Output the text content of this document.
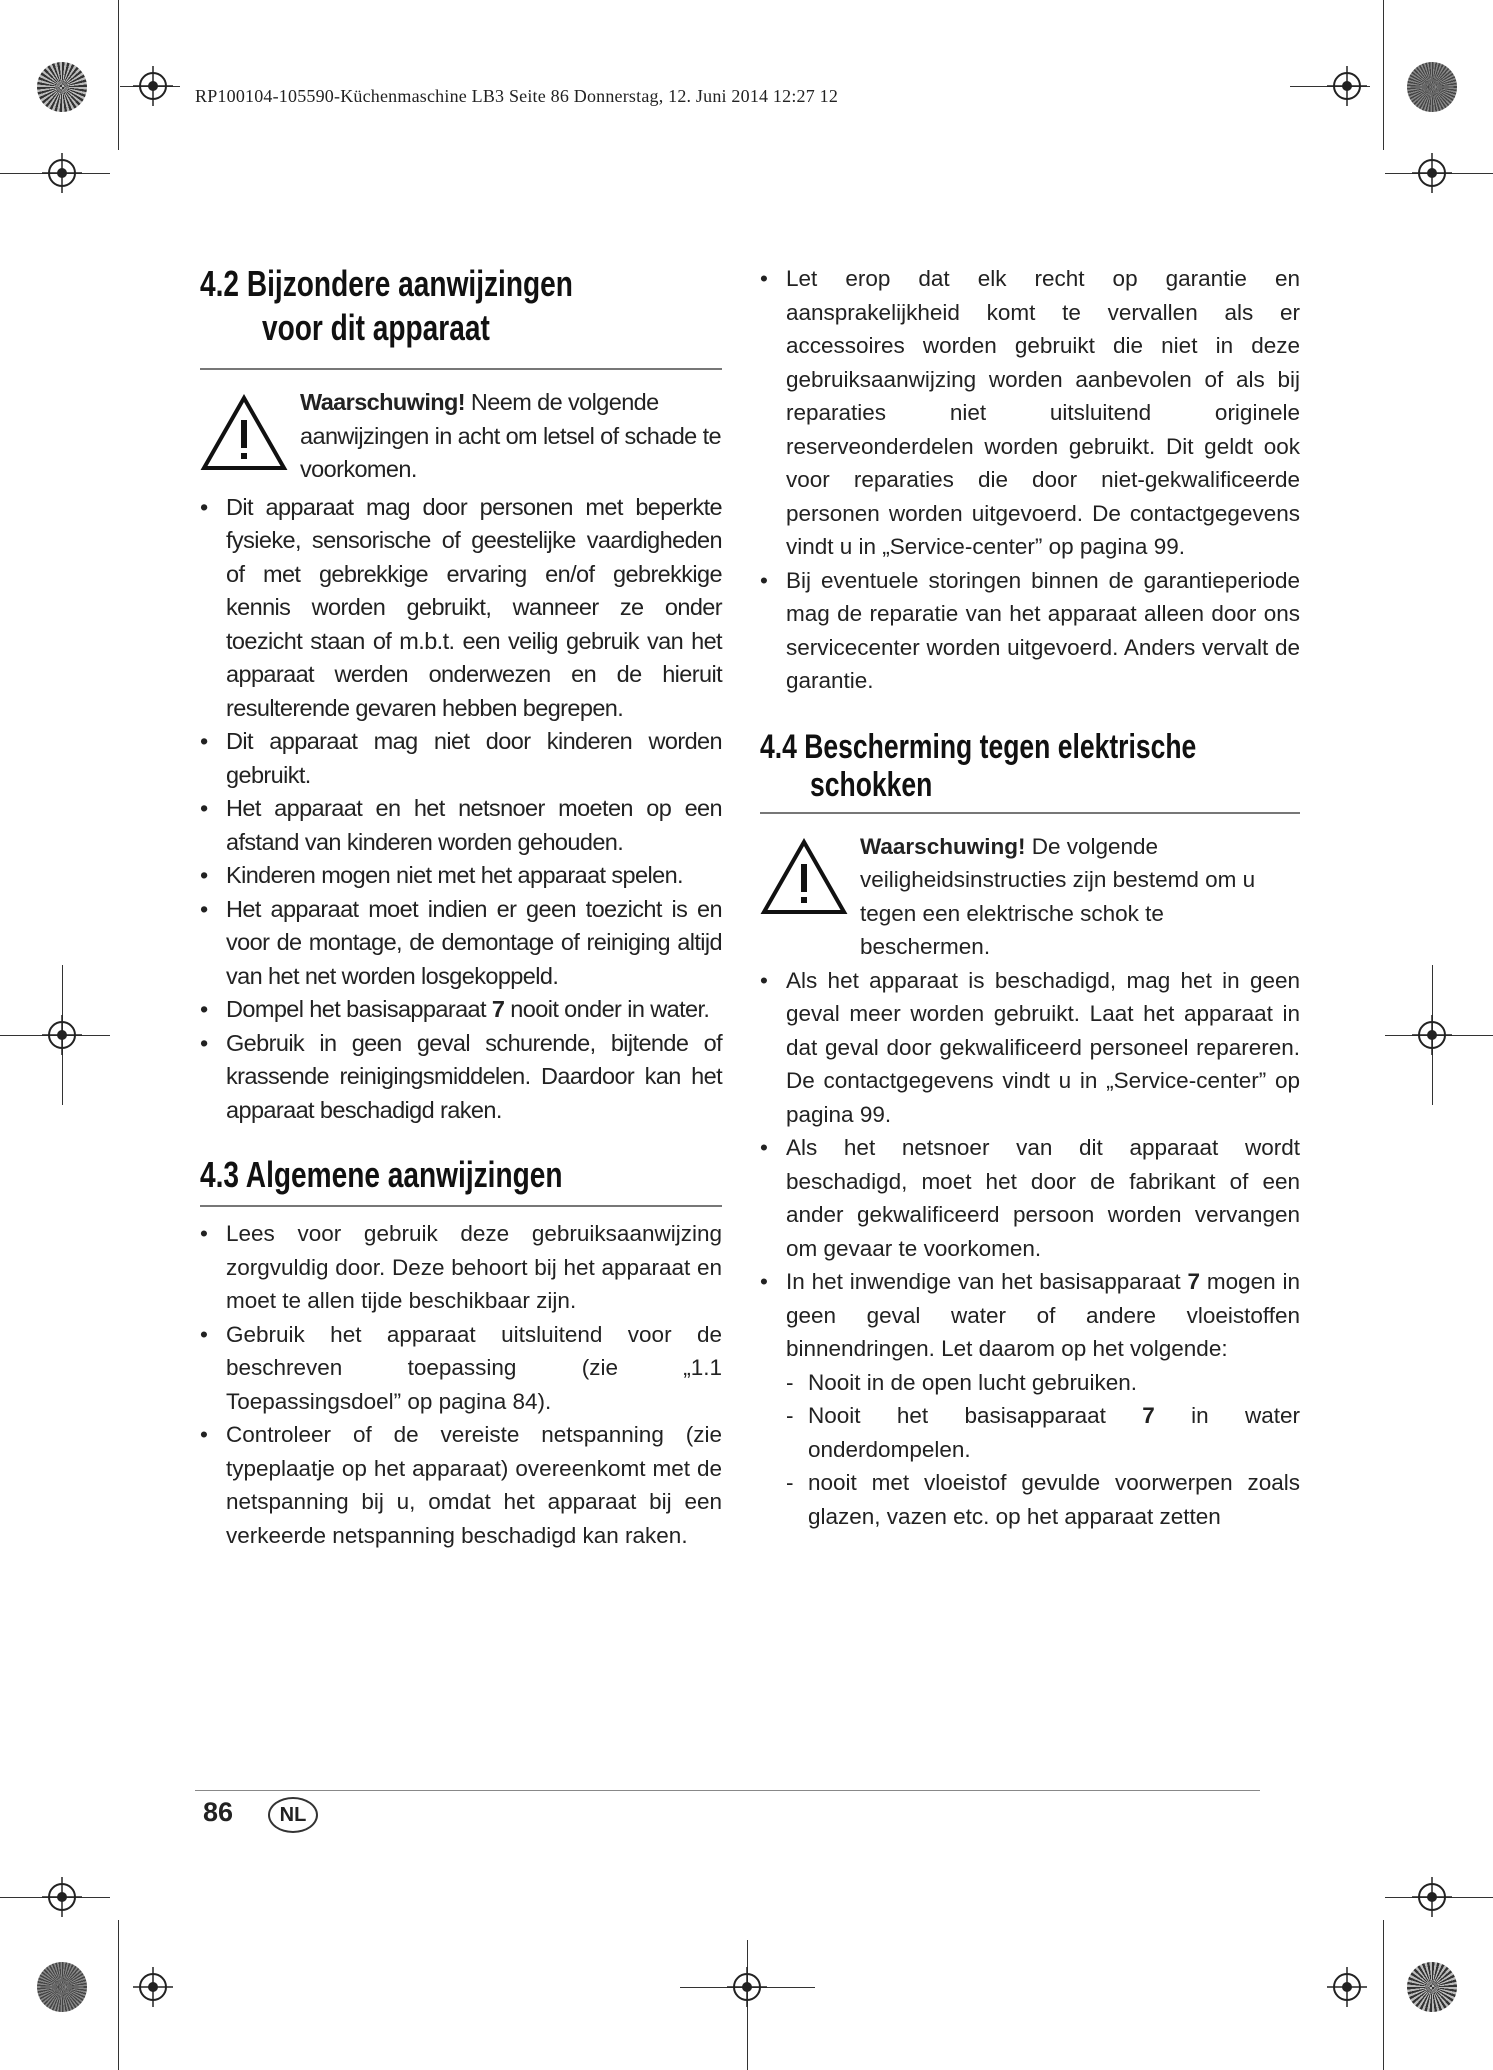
RP100104-105590-Küchenmaschine LB3 Seite 86 Donnerstag, 12. Juni 2014 12:27 12
4.2 Bijzondere aanwijzingen
voor dit apparaat
Waarschuwing! Neem de volgende aanwijzingen in acht om letsel of schade te voorkomen.
• Dit apparaat mag door personen met beperkte fysieke, sensorische of geestelijke vaardigheden of met gebrekkige ervaring en/of gebrekkige kennis worden gebruikt, wanneer ze onder toezicht staan of m.b.t. een veilig gebruik van het apparaat werden onderwezen en de hieruit resulterende gevaren hebben begrepen.
• Dit apparaat mag niet door kinderen worden gebruikt.
• Het apparaat en het netsnoer moeten op een afstand van kinderen worden gehouden.
• Kinderen mogen niet met het apparaat spelen.
• Het apparaat moet indien er geen toezicht is en voor de montage, de demontage of reiniging altijd van het net worden losgekoppeld.
• Dompel het basisapparaat 7 nooit onder in water.
• Gebruik in geen geval schurende, bijtende of krassende reinigingsmiddelen. Daardoor kan het apparaat beschadigd raken.
4.3 Algemene aanwijzingen
• Lees voor gebruik deze gebruiksaanwijzing zorgvuldig door. Deze behoort bij het apparaat en moet te allen tijde beschikbaar zijn.
• Gebruik het apparaat uitsluitend voor de beschreven toepassing (zie „1.1 Toepassingsdoel” op pagina 84).
• Controleer of de vereiste netspanning (zie typeplaatje op het apparaat) overeenkomt met de netspanning bij u, omdat het apparaat bij een verkeerde netspanning beschadigd kan raken.
• Let erop dat elk recht op garantie en aansprakelijkheid komt te vervallen als er accessoires worden gebruikt die niet in deze gebruiksaanwijzing worden aanbevolen of als bij reparaties niet uitsluitend originele reserveonderdelen worden gebruikt. Dit geldt ook voor reparaties die door niet-gekwalificeerde personen worden uitgevoerd. De contactgegevens vindt u in „Service-center” op pagina 99.
• Bij eventuele storingen binnen de garantieperiode mag de reparatie van het apparaat alleen door ons servicecenter worden uitgevoerd. Anders vervalt de garantie.
4.4 Bescherming tegen elektrische
schokken
Waarschuwing! De volgende veiligheidsinstructies zijn bestemd om u tegen een elektrische schok te beschermen.
• Als het apparaat is beschadigd, mag het in geen geval meer worden gebruikt. Laat het apparaat in dat geval door gekwalificeerd personeel repareren. De contactgegevens vindt u in „Service-center” op pagina 99.
• Als het netsnoer van dit apparaat wordt beschadigd, moet het door de fabrikant of een ander gekwalificeerd persoon worden vervangen om gevaar te voorkomen.
• In het inwendige van het basisapparaat 7 mogen in geen geval water of andere vloeistoffen binnendringen. Let daarom op het volgende:
- Nooit in de open lucht gebruiken.
- Nooit het basisapparaat 7 in water onderdompelen.
- nooit met vloeistof gevulde voorwerpen zoals glazen, vazen etc. op het apparaat zetten
86	NL
